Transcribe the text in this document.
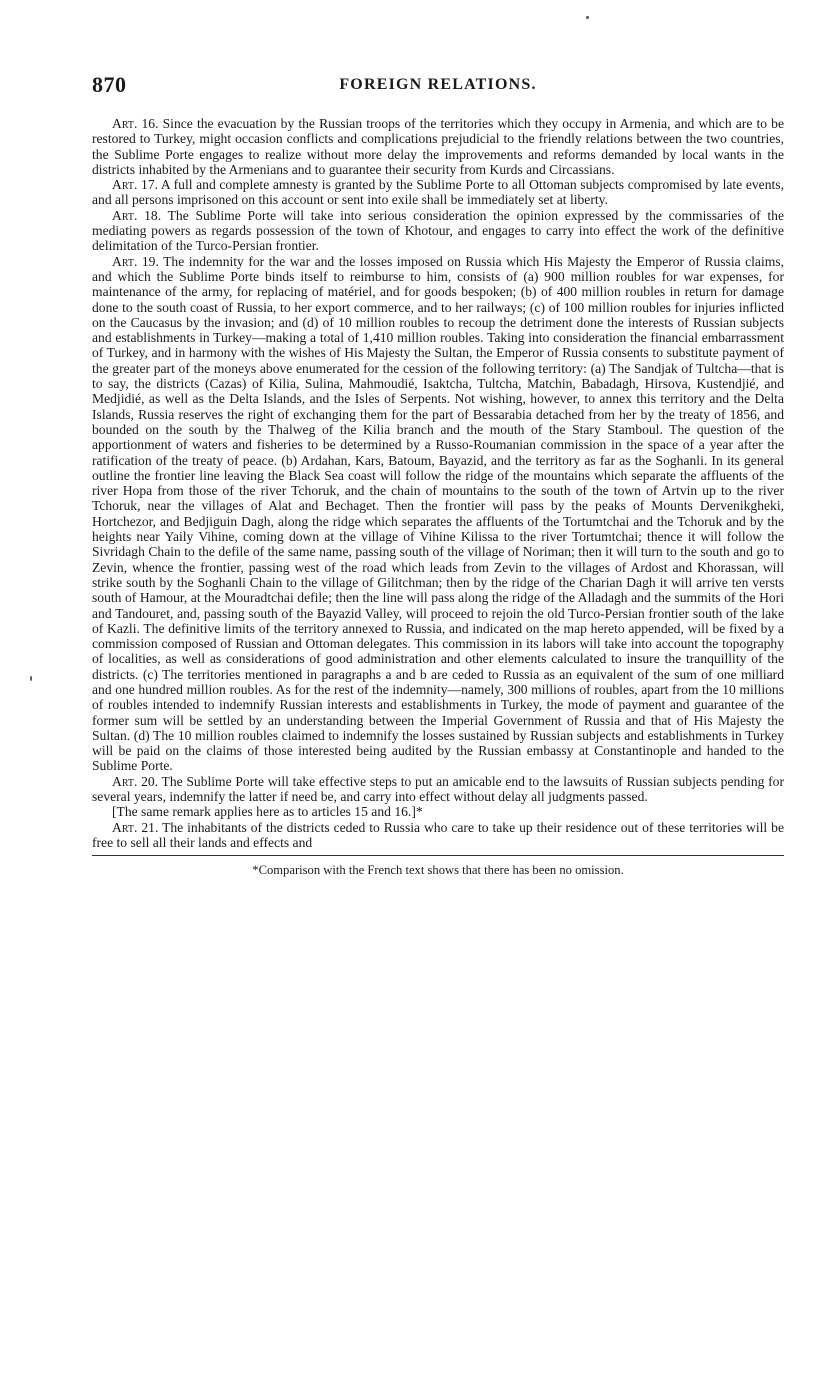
870	FOREIGN RELATIONS.

Art. 16. Since the evacuation by the Russian troops of the territories which they occupy in Armenia, and which are to be restored to Turkey, might occasion conflicts and complications prejudicial to the friendly relations between the two countries, the Sublime Porte engages to realize without more delay the improvements and reforms demanded by local wants in the districts inhabited by the Armenians and to guarantee their security from Kurds and Circassians.

Art. 17. A full and complete amnesty is granted by the Sublime Porte to all Ottoman subjects compromised by late events, and all persons imprisoned on this account or sent into exile shall be immediately set at liberty.

Art. 18. The Sublime Porte will take into serious consideration the opinion expressed by the commissaries of the mediating powers as regards possession of the town of Khotour, and engages to carry into effect the work of the definitive delimitation of the Turco-Persian frontier.

Art. 19. The indemnity for the war and the losses imposed on Russia which His Majesty the Emperor of Russia claims, and which the Sublime Porte binds itself to reimburse to him, consists of (a) 900 million roubles for war expenses, for maintenance of the army, for replacing of matériel, and for goods bespoken; (b) of 400 million roubles in return for damage done to the south coast of Russia, to her export commerce, and to her railways; (c) of 100 million roubles for injuries inflicted on the Caucasus by the invasion; and (d) of 10 million roubles to recoup the detriment done the interests of Russian subjects and establishments in Turkey—making a total of 1,410 million roubles. Taking into consideration the financial embarrassment of Turkey, and in harmony with the wishes of His Majesty the Sultan, the Emperor of Russia consents to substitute payment of the greater part of the moneys above enumerated for the cession of the following territory: (a) The Sandjak of Tultcha—that is to say, the districts (Cazas) of Kilia, Sulina, Mahmoudié, Isaktcha, Tultcha, Matchin, Babadagh, Hirsova, Kustendjié, and Medjidié, as well as the Delta Islands, and the Isles of Serpents. Not wishing, however, to annex this territory and the Delta Islands, Russia reserves the right of exchanging them for the part of Bessarabia detached from her by the treaty of 1856, and bounded on the south by the Thalweg of the Kilia branch and the mouth of the Stary Stamboul. The question of the apportionment of waters and fisheries to be determined by a Russo-Roumanian commission in the space of a year after the ratification of the treaty of peace. (b) Ardahan, Kars, Batoum, Bayazid, and the territory as far as the Soghanli. In its general outline the frontier line leaving the Black Sea coast will follow the ridge of the mountains which separate the affluents of the river Hopa from those of the river Tchoruk, and the chain of mountains to the south of the town of Artvin up to the river Tchoruk, near the villages of Alat and Bechaget. Then the frontier will pass by the peaks of Mounts Dervenikgheki, Hortchezor, and Bedjiguin Dagh, along the ridge which separates the affluents of the Tortumtchai and the Tchoruk and by the heights near Yaily Vihine, coming down at the village of Vihine Kilissa to the river Tortumtchai; thence it will follow the Sivridagh Chain to the defile of the same name, passing south of the village of Noriman; then it will turn to the south and go to Zevin, whence the frontier, passing west of the road which leads from Zevin to the villages of Ardost and Khorassan, will strike south by the Soghanli Chain to the village of Gilitchman; then by the ridge of the Charian Dagh it will arrive ten versts south of Hamour, at the Mouradtchai defile; then the line will pass along the ridge of the Alladagh and the summits of the Hori and Tandouret, and, passing south of the Bayazid Valley, will proceed to rejoin the old Turco-Persian frontier south of the lake of Kazli. The definitive limits of the territory annexed to Russia, and indicated on the map hereto appended, will be fixed by a commission composed of Russian and Ottoman delegates. This commission in its labors will take into account the topography of localities, as well as considerations of good administration and other elements calculated to insure the tranquillity of the districts. (c) The territories mentioned in paragraphs a and b are ceded to Russia as an equivalent of the sum of one milliard and one hundred million roubles. As for the rest of the indemnity—namely, 300 millions of roubles, apart from the 10 millions of roubles intended to indemnify Russian interests and establishments in Turkey, the mode of payment and guarantee of the former sum will be settled by an understanding between the Imperial Government of Russia and that of His Majesty the Sultan. (d) The 10 million roubles claimed to indemnify the losses sustained by Russian subjects and establishments in Turkey will be paid on the claims of those interested being audited by the Russian embassy at Constantinople and handed to the Sublime Porte.

Art. 20. The Sublime Porte will take effective steps to put an amicable end to the lawsuits of Russian subjects pending for several years, indemnify the latter if need be, and carry into effect without delay all judgments passed.

[The same remark applies here as to articles 15 and 16.]*

Art. 21. The inhabitants of the districts ceded to Russia who care to take up their residence out of these territories will be free to sell all their lands and effects and

*Comparison with the French text shows that there has been no omission.
